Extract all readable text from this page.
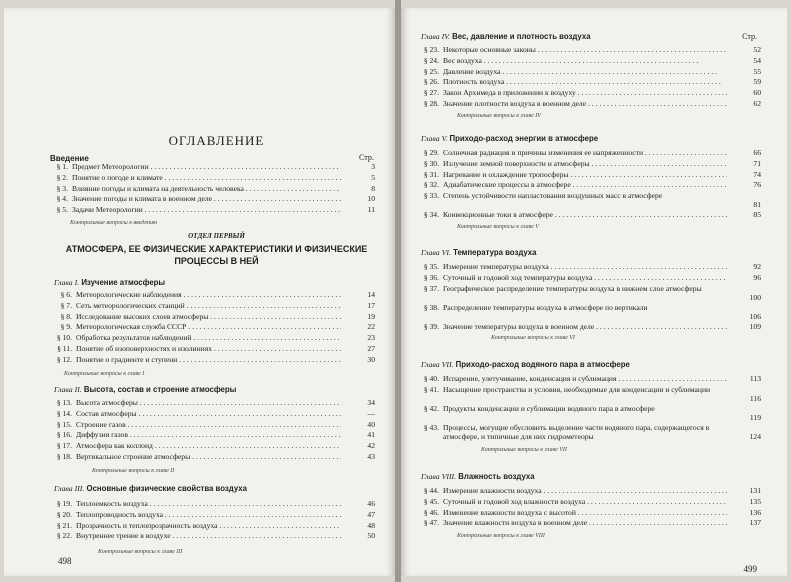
ОГЛАВЛЕНИЕ
Введение	Стр.
§ 1. Предмет Метеорологии . . .	3
§ 2. Понятие о погоде и климате . . .	5
§ 3. Влияние погоды и климата на деятельность человека . . .	8
§ 4. Значение погоды и климата в военном деле . . .	10
§ 5. Задачи Метеорологии . . .	11
Контрольные вопросы к введению
ОТДЕЛ ПЕРВЫЙ
АТМОСФЕРА, ЕЕ ФИЗИЧЕСКИЕ ХАРАКТЕРИСТИКИ И ФИЗИЧЕСКИЕ ПРОЦЕССЫ В НЕЙ
Глава I. Изучение атмосферы
§ 6. Метеорологические наблюдения . . .	14
§ 7. Сеть метеорологических станций . . .	17
§ 8. Исследование высоких слоев атмосферы . . .	19
§ 9. Метеорологическая служба СССР . . .	22
§ 10. Обработка результатов наблюдений . . .	23
§ 11. Понятие об изоповерхностях и изолиниях . . .	27
§ 12. Понятие о градиенте и ступени . . .	30
Контрольные вопросы к главе I
Глава II. Высота, состав и строение атмосферы
§ 13. Высота атмосферы . . .	34
§ 14. Состав атмосферы . . .	—
§ 15. Строение газов . . .	40
§ 16. Диффузия газов . . .	41
§ 17. Атмосфера как коллоид . . .	42
§ 18. Вертикальное строение атмосферы . . .	43
Контрольные вопросы к главе II
Глава III. Основные физические свойства воздуха
§ 19. Теплоемкость воздуха . . .	46
§ 20. Теплопроводность воздуха . . .	47
§ 21. Прозрачность и теплопрозрачность воздуха . . .	48
§ 22. Внутреннее трение в воздухе . . .	50
Контрольные вопросы к главе III
498
Глава IV. Вес, давление и плотность воздуха	Стр.
§ 23. Некоторые основные законы . . .	52
§ 24. Вес воздуха . . .	54
§ 25. Давление воздуха . . .	55
§ 26. Плотность воздуха . . .	59
§ 27. Закон Архимеда в приложении к воздуху . . .	60
§ 28. Значение плотности воздуха в военном деле . . .	62
Контрольные вопросы к главе IV
Глава V. Приходо-расход энергии в атмосфере
§ 29. Солнечная радиация и причины изменения ее напряженности . . .	66
§ 30. Излучение земной поверхности и атмосферы . . .	71
§ 31. Нагревание и охлаждение тропосферы . . .	74
§ 32. Адиабатические процессы в атмосфере . . .	76
§ 33. Степень устойчивости напластования воздушных масс в атмосфере
81
§ 34. Конвекционные токи в атмосфере . . .	85
Контрольные вопросы к главе V
Глава VI. Температура воздуха
§ 35. Измерение температуры воздуха . . .	92
§ 36. Суточный и годовой ход температуры воздуха . . .	96
§ 37. Географическое распределение температуры воздуха в нижнем слое атмосферы
100
§ 38. Распределение температуры воздуха в атмосфере по вертикали
106
§ 39. Значение температуры воздуха в военном деле . . .	109
Контрольные вопросы к главе VI
Глава VII. Приходо-расход водяного пара в атмосфере
§ 40. Испарение, улетучивание, конденсация и сублимация . . .	113
§ 41. Насыщение пространства и условия, необходимые для конденсации и сублимации
116
§ 42. Продукты конденсации и сублимации водяного пара в атмосфере
119
§ 43. Процессы, могущие обусловить выделение части водяного пара, содержащегося в атмосфере, и типичные для них гидрометеоры	124
Контрольные вопросы к главе VII
Глава VIII. Влажность воздуха
§ 44. Измерение влажности воздуха . . .	131
§ 45. Суточный и годовой ход влажности воздуха . . .	135
§ 46. Изменение влажности воздуха с высотой . . .	136
§ 47. Значение влажности воздуха в военном деле . . .	137
Контрольные вопросы к главе VIII
499
